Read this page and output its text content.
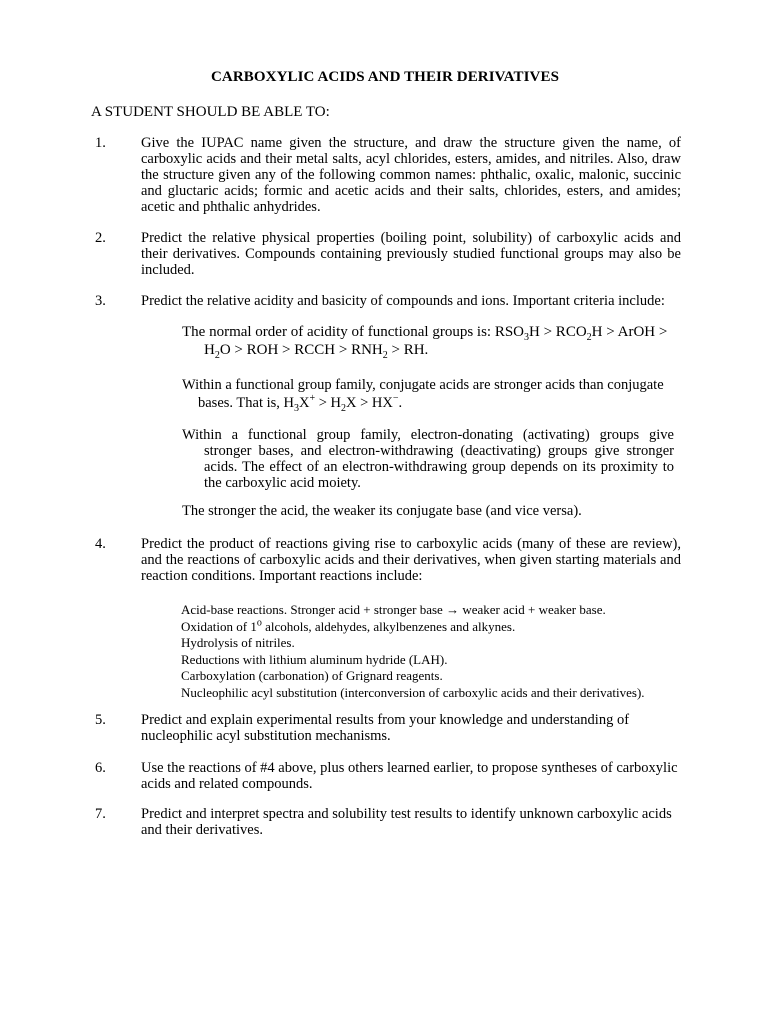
CARBOXYLIC ACIDS AND THEIR DERIVATIVES
A STUDENT SHOULD BE ABLE TO:
1.	Give the IUPAC name given the structure, and draw the structure given the name, of carboxylic acids and their metal salts, acyl chlorides, esters, amides, and nitriles. Also, draw the structure given any of the following common names: phthalic, oxalic, malonic, succinic and gluctaric acids; formic and acetic acids and their salts, chlorides, esters, and amides; acetic and phthalic anhydrides.
2.	Predict the relative physical properties (boiling point, solubility) of carboxylic acids and their derivatives. Compounds containing previously studied functional groups may also be included.
3.	Predict the relative acidity and basicity of compounds and ions. Important criteria include:
The normal order of acidity of functional groups is: $RSO_3H > RCO_2H$ > ArOH >
$H_2O$ > ROH > RCCH > $RNH_2$ > RH.
Within a functional group family, conjugate acids are stronger acids than conjugate
bases. That is, $H_3X^+ > H_2X > HX^-$.
Within a functional group family, electron-donating (activating) groups give stronger bases, and electron-withdrawing (deactivating) groups give stronger acids. The effect of an electron-withdrawing group depends on its proximity to the carboxylic acid moiety.
The stronger the acid, the weaker its conjugate base (and vice versa).
4.	Predict the product of reactions giving rise to carboxylic acids (many of these are review), and the reactions of carboxylic acids and their derivatives, when given starting materials and reaction conditions. Important reactions include:
Acid-base reactions. Stronger acid + stronger base → weaker acid + weaker base.
Oxidation of 1$^o$ alcohols, aldehydes, alkylbenzenes and alkynes.
Hydrolysis of nitriles.
Reductions with lithium aluminum hydride (LAH).
Carboxylation (carbonation) of Grignard reagents.
Nucleophilic acyl substitution (interconversion of carboxylic acids and their derivatives).
5.	Predict and explain experimental results from your knowledge and understanding of nucleophilic acyl substitution mechanisms.
6.	Use the reactions of #4 above, plus others learned earlier, to propose syntheses of carboxylic acids and related compounds.
7.	Predict and interpret spectra and solubility test results to identify unknown carboxylic acids and their derivatives.
